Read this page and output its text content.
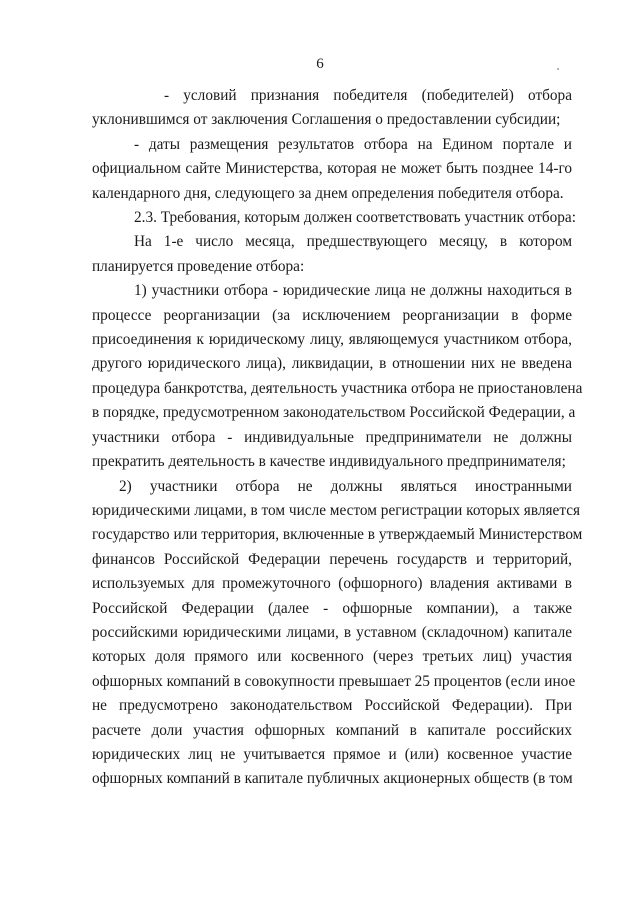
6
- условий признания победителя (победителей) отбора
уклонившимся от заключения Соглашения о предоставлении субсидии;
- даты размещения результатов отбора на Едином портале и
официальном сайте Министерства, которая не может быть позднее 14-го
календарного дня, следующего за днем определения победителя отбора.
2.3. Требования, которым должен соответствовать участник отбора:
На 1-е число месяца, предшествующего месяцу, в котором
планируется проведение отбора:
1) участники отбора - юридические лица не должны находиться в
процессе реорганизации (за исключением реорганизации в форме
присоединения к юридическому лицу, являющемуся участником отбора,
другого юридического лица), ликвидации, в отношении них не введена
процедура банкротства, деятельность участника отбора не приостановлена
в порядке, предусмотренном законодательством Российской Федерации, а
участники отбора - индивидуальные предприниматели не должны
прекратить деятельность в качестве индивидуального предпринимателя;
2) участники отбора не должны являться иностранными
юридическими лицами, в том числе местом регистрации которых является
государство или территория, включенные в утверждаемый Министерством
финансов Российской Федерации перечень государств и территорий,
используемых для промежуточного (офшорного) владения активами в
Российской Федерации (далее - офшорные компании), а также
российскими юридическими лицами, в уставном (складочном) капитале
которых доля прямого или косвенного (через третьих лиц) участия
офшорных компаний в совокупности превышает 25 процентов (если иное
не предусмотрено законодательством Российской Федерации). При
расчете доли участия офшорных компаний в капитале российских
юридических лиц не учитывается прямое и (или) косвенное участие
офшорных компаний в капитале публичных акционерных обществ (в том
